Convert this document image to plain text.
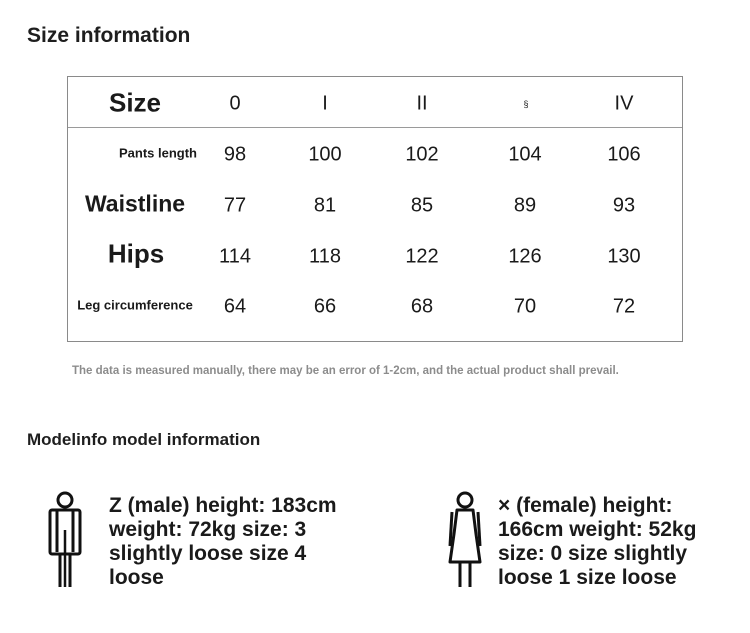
Size information
Size	0	I	II	§	IV
Pants length 98	100	102	104	106
Waistline 77	81	85	89	93
Hips	114	118	122	126	130
Leg circumference 64	66	68	70	72
The data is measured manually, there may be an error of 1-2cm, and the actual product shall prevail.
Modelinfo model information
Z (male) height: 183cm
weight: 72kg size: 3
slightly loose size 4
loose
× (female) height:
166cm weight: 52kg
size: 0 size slightly
loose 1 size loose
